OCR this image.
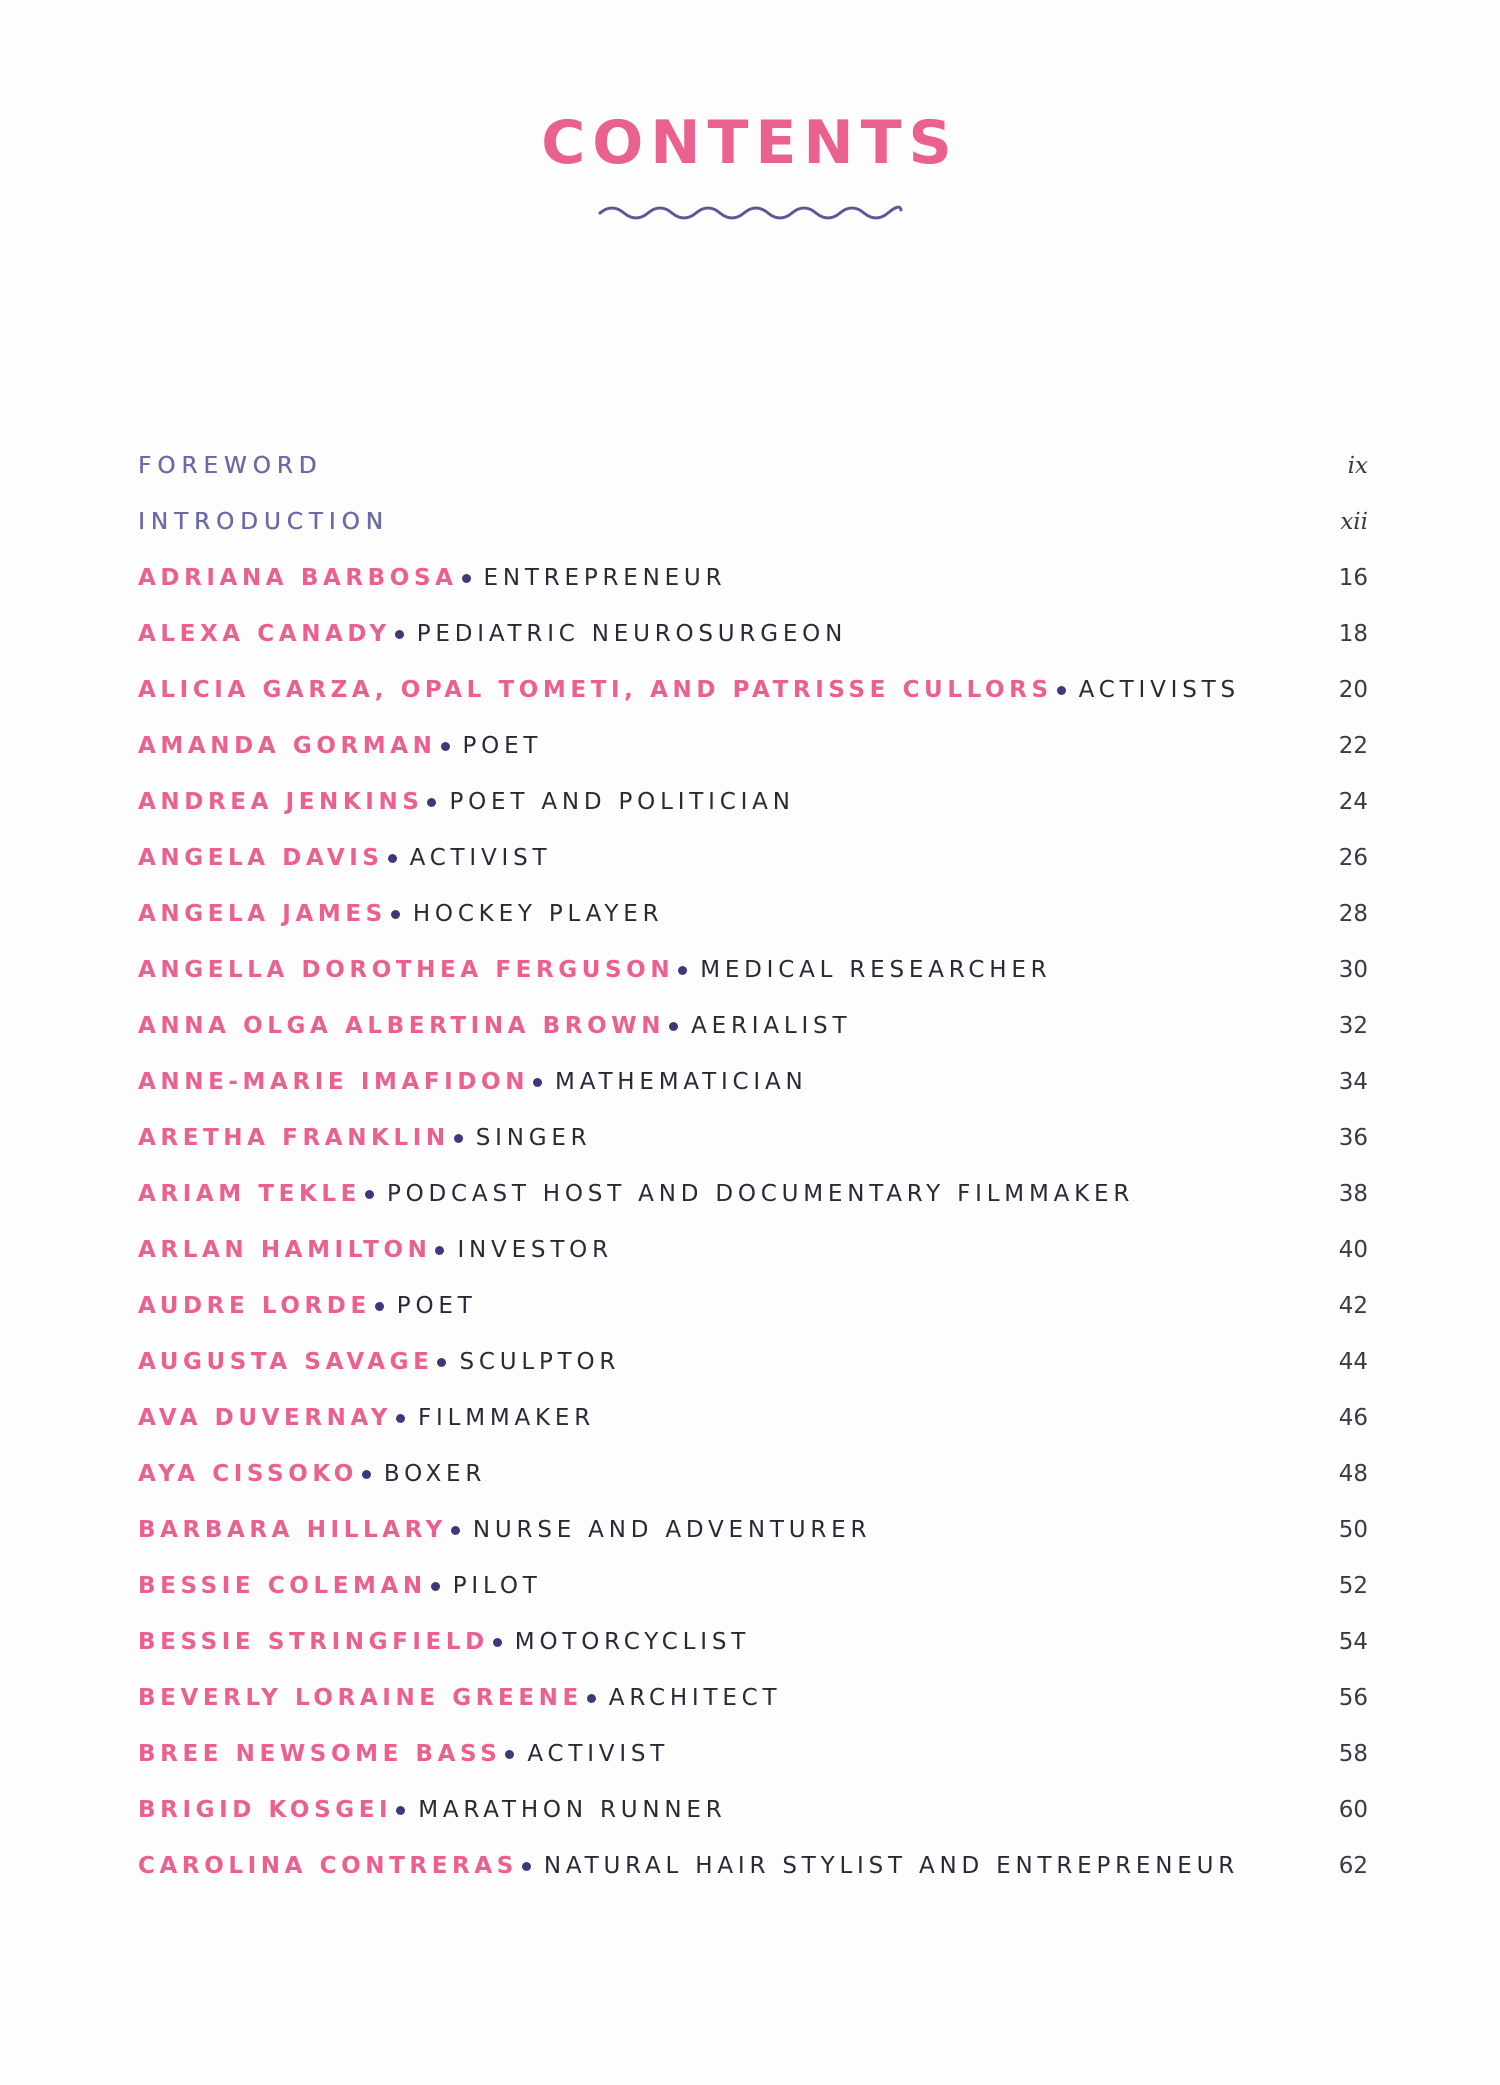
CONTENTS
FOREWORD	ix
INTRODUCTION	xii
ADRIANA BARBOSA ENTREPRENEUR	16
ALEXA CANADY PEDIATRIC NEUROSURGEON	18
ALICIA GARZA, OPAL TOMETI, AND PATRISSE CULLORS ACTIVISTS	20
AMANDA GORMAN POET	22
ANDREA JENKINS POET AND POLITICIAN	24
ANGELA DAVIS ACTIVIST	26
ANGELA JAMES HOCKEY PLAYER	28
ANGELLA DOROTHEA FERGUSON MEDICAL RESEARCHER	30
ANNA OLGA ALBERTINA BROWN AERIALIST	32
ANNE-MARIE IMAFIDON MATHEMATICIAN	34
ARETHA FRANKLIN SINGER	36
ARIAM TEKLE PODCAST HOST AND DOCUMENTARY FILMMAKER	38
ARLAN HAMILTON INVESTOR	40
AUDRE LORDE POET	42
AUGUSTA SAVAGE SCULPTOR	44
AVA DUVERNAY FILMMAKER	46
AYA CISSOKO BOXER	48
BARBARA HILLARY NURSE AND ADVENTURER	50
BESSIE COLEMAN PILOT	52
BESSIE STRINGFIELD MOTORCYCLIST	54
BEVERLY LORAINE GREENE ARCHITECT	56
BREE NEWSOME BASS ACTIVIST	58
BRIGID KOSGEI MARATHON RUNNER	60
CAROLINA CONTRERAS NATURAL HAIR STYLIST AND ENTREPRENEUR	62
